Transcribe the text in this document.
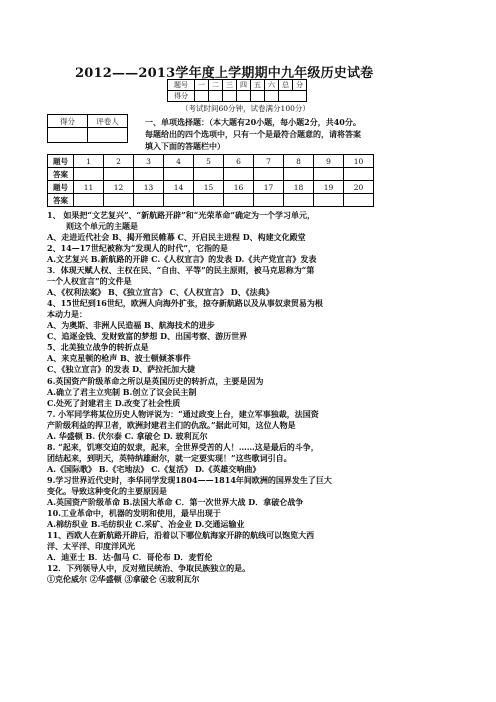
2012——2013学年度上学期期中九年级历史试卷
题号	一	二	三	四	五	六	总	分
得分								
（考试时间60分钟，试卷满分100分）
得分	评卷人
		一、单项选择题：（本大题有20小题，每小题2分，共40分。
每题给出的四个选项中，只有一个是最符合题意的，请将答案
填入下面的答题栏中）
题号	1	2	3	4	5	6	7	8	9	10
答案										
题号	11	12	13	14	15	16	17	18	19	20
答案										
1、 如果把“文艺复兴”、“新航路开辟”和“光荣革命”确定为一个学习单元，
则这个单元的主题是
A、走进近代社会 B、揭开殖民帷幕 C、开启民主进程 D、构建文化殿堂
2、14—17世纪被称为“发现人的时代”，它指的是
A.文艺复兴 B.新航路的开辟 C.《人权宣言》的发表 D.《共产党宣言》发表
3．体现天赋人权、主权在民、“自由、平等”的民主原则，被马克思称为“第
一个人权宣言”的文件是
A、《权利法案》 B、《独立宣言》 C、《人权宣言》 D、《法典》
4、15世纪到16世纪，欧洲人向海外扩张，掠夺新航路以及从事奴隶贸易为根
本动力是：
A、为奥斯、非洲人民造福 B、航海技术的进步
C、追逐金钱、发财致富的梦想 D、出国考察、游历世界
5、北美独立战争的转折点是
A、来克星顿的枪声 B、波士顿倾茶事件
C、《独立宣言》的发表 D、萨拉托加大捷
6.英国资产阶级革命之所以是英国历史的转折点，主要是因为
A.确立了君主立宪制 B.创立了议会民主制
C.处死了封建君主 D.改变了社会性质
7. 小军同学将某位历史人物评说为：“通过政变上台，建立军事独裁，法国资
产阶级利益的捍卫者，欧洲封建君主们的仇敌。”据此可知，这位人物是
A. 华盛顿 B. 伏尔泰 C. 拿破仑 D. 玻利瓦尔
8. “起来，饥寒交迫的奴隶，起来，全世界受苦的人！……这是最后的斗争，
团结起来，到明天，英特纳雄耐尔，就一定要实现！”这些歌词引自。
A.《国际歌》 B.《宅地法》 C.《复活》 D.《英雄交响曲》
9.学习世界近代史时，李华同学发现1804——1814年间欧洲的国界发生了巨大
变化。导致这种变化的主要原因是
A.英国资产阶级革命 B.法国大革命 C．第一次世界大战 D．拿破仑战争
10.工业革命中，机器的发明和使用，最早出现于
A.棉纺织业 B.毛纺织业 C.采矿、冶金业 D.交通运输业
11、西欧人在新航路开辟后，沿着以下哪位航海家开辟的航线可以饱览大西
洋、太平洋、印度洋风光
A．迪亚士 B．达·伽马 C．哥伦布 D．麦哲伦
12．下列领导人中，反对殖民统治、争取民族独立的是。
①克伦威尔 ②华盛顿 ③拿破仑 ④玻利瓦尔
